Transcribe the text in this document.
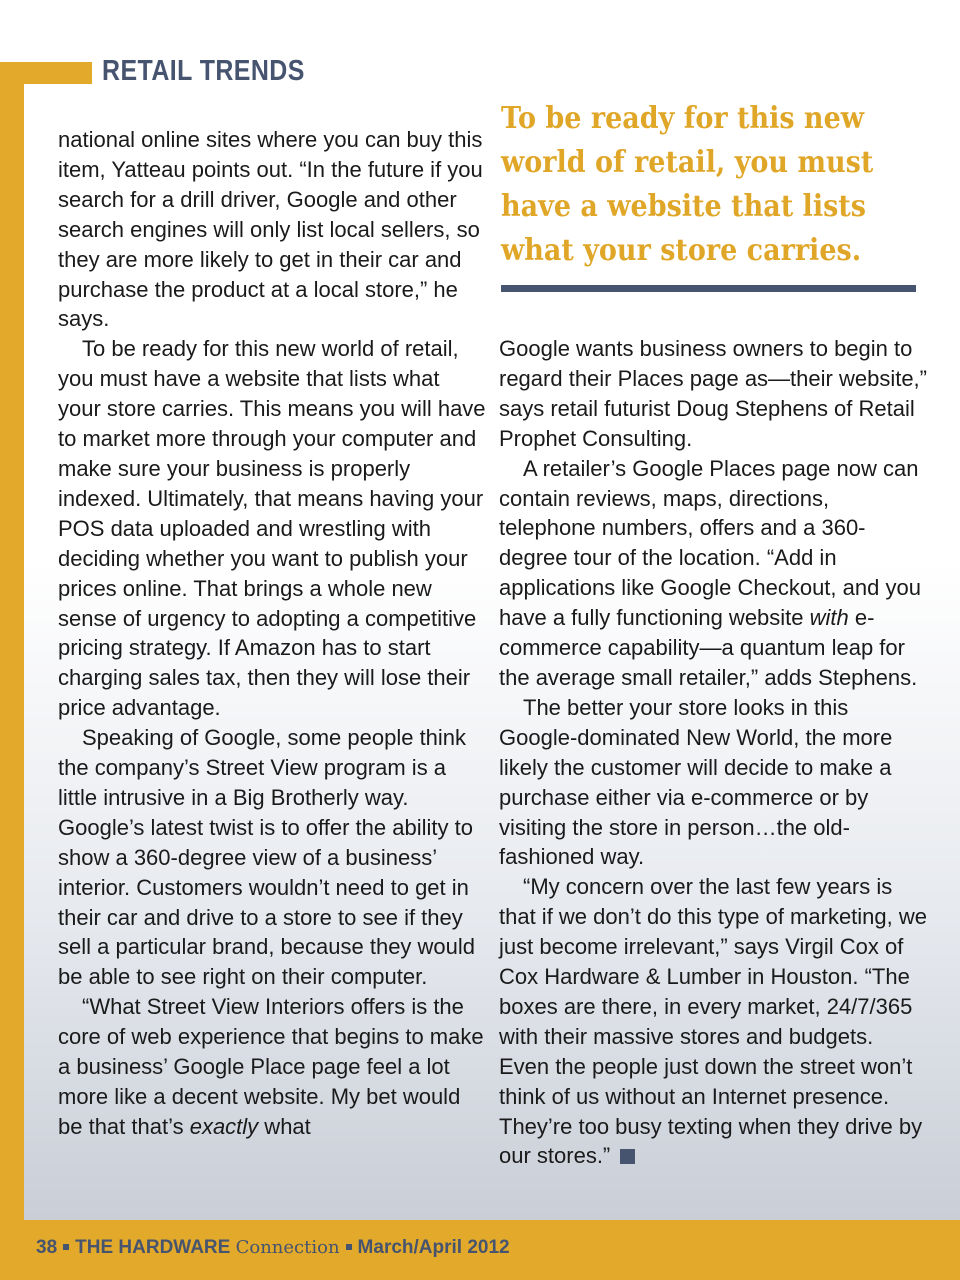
RETAIL TRENDS

national online sites where you can buy this item, Yatteau points out. “In the future if you search for a drill driver, Google and other search engines will only list local sellers, so they are more likely to get in their car and purchase the product at a local store,” he says.

To be ready for this new world of retail, you must have a website that lists what your store carries. This means you will have to market more through your computer and make sure your business is properly indexed. Ultimately, that means having your POS data uploaded and wrestling with deciding whether you want to publish your prices online. That brings a whole new sense of urgency to adopting a competitive pricing strategy. If Amazon has to start charging sales tax, then they will lose their price advantage.

Speaking of Google, some people think the company’s Street View program is a little intrusive in a Big Brotherly way. Google’s latest twist is to offer the ability to show a 360-degree view of a business’ interior. Customers wouldn’t need to get in their car and drive to a store to see if they sell a particular brand, because they would be able to see right on their computer.

“What Street View Interiors offers is the core of web experience that begins to make a business’ Google Place page feel a lot more like a decent website. My bet would be that that’s exactly what

To be ready for this new
world of retail, you must
have a website that lists
what your store carries.

Google wants business owners to begin to regard their Places page as—their website,” says retail futurist Doug Stephens of Retail Prophet Consulting.

A retailer’s Google Places page now can contain reviews, maps, directions, telephone numbers, offers and a 360-degree tour of the location. “Add in applications like Google Checkout, and you have a fully functioning website with e-commerce capability—a quantum leap for the average small retailer,” adds Stephens.

The better your store looks in this Google-dominated New World, the more likely the customer will decide to make a purchase either via e-commerce or by visiting the store in person…the old-fashioned way.

“My concern over the last few years is that if we don’t do this type of marketing, we just become irrelevant,” says Virgil Cox of Cox Hardware & Lumber in Houston. “The boxes are there, in every market, 24/7/365 with their massive stores and budgets. Even the people just down the street won’t think of us without an Internet presence. They’re too busy texting when they drive by our stores.”

38 THE HARDWARE Connection March/April 2012
